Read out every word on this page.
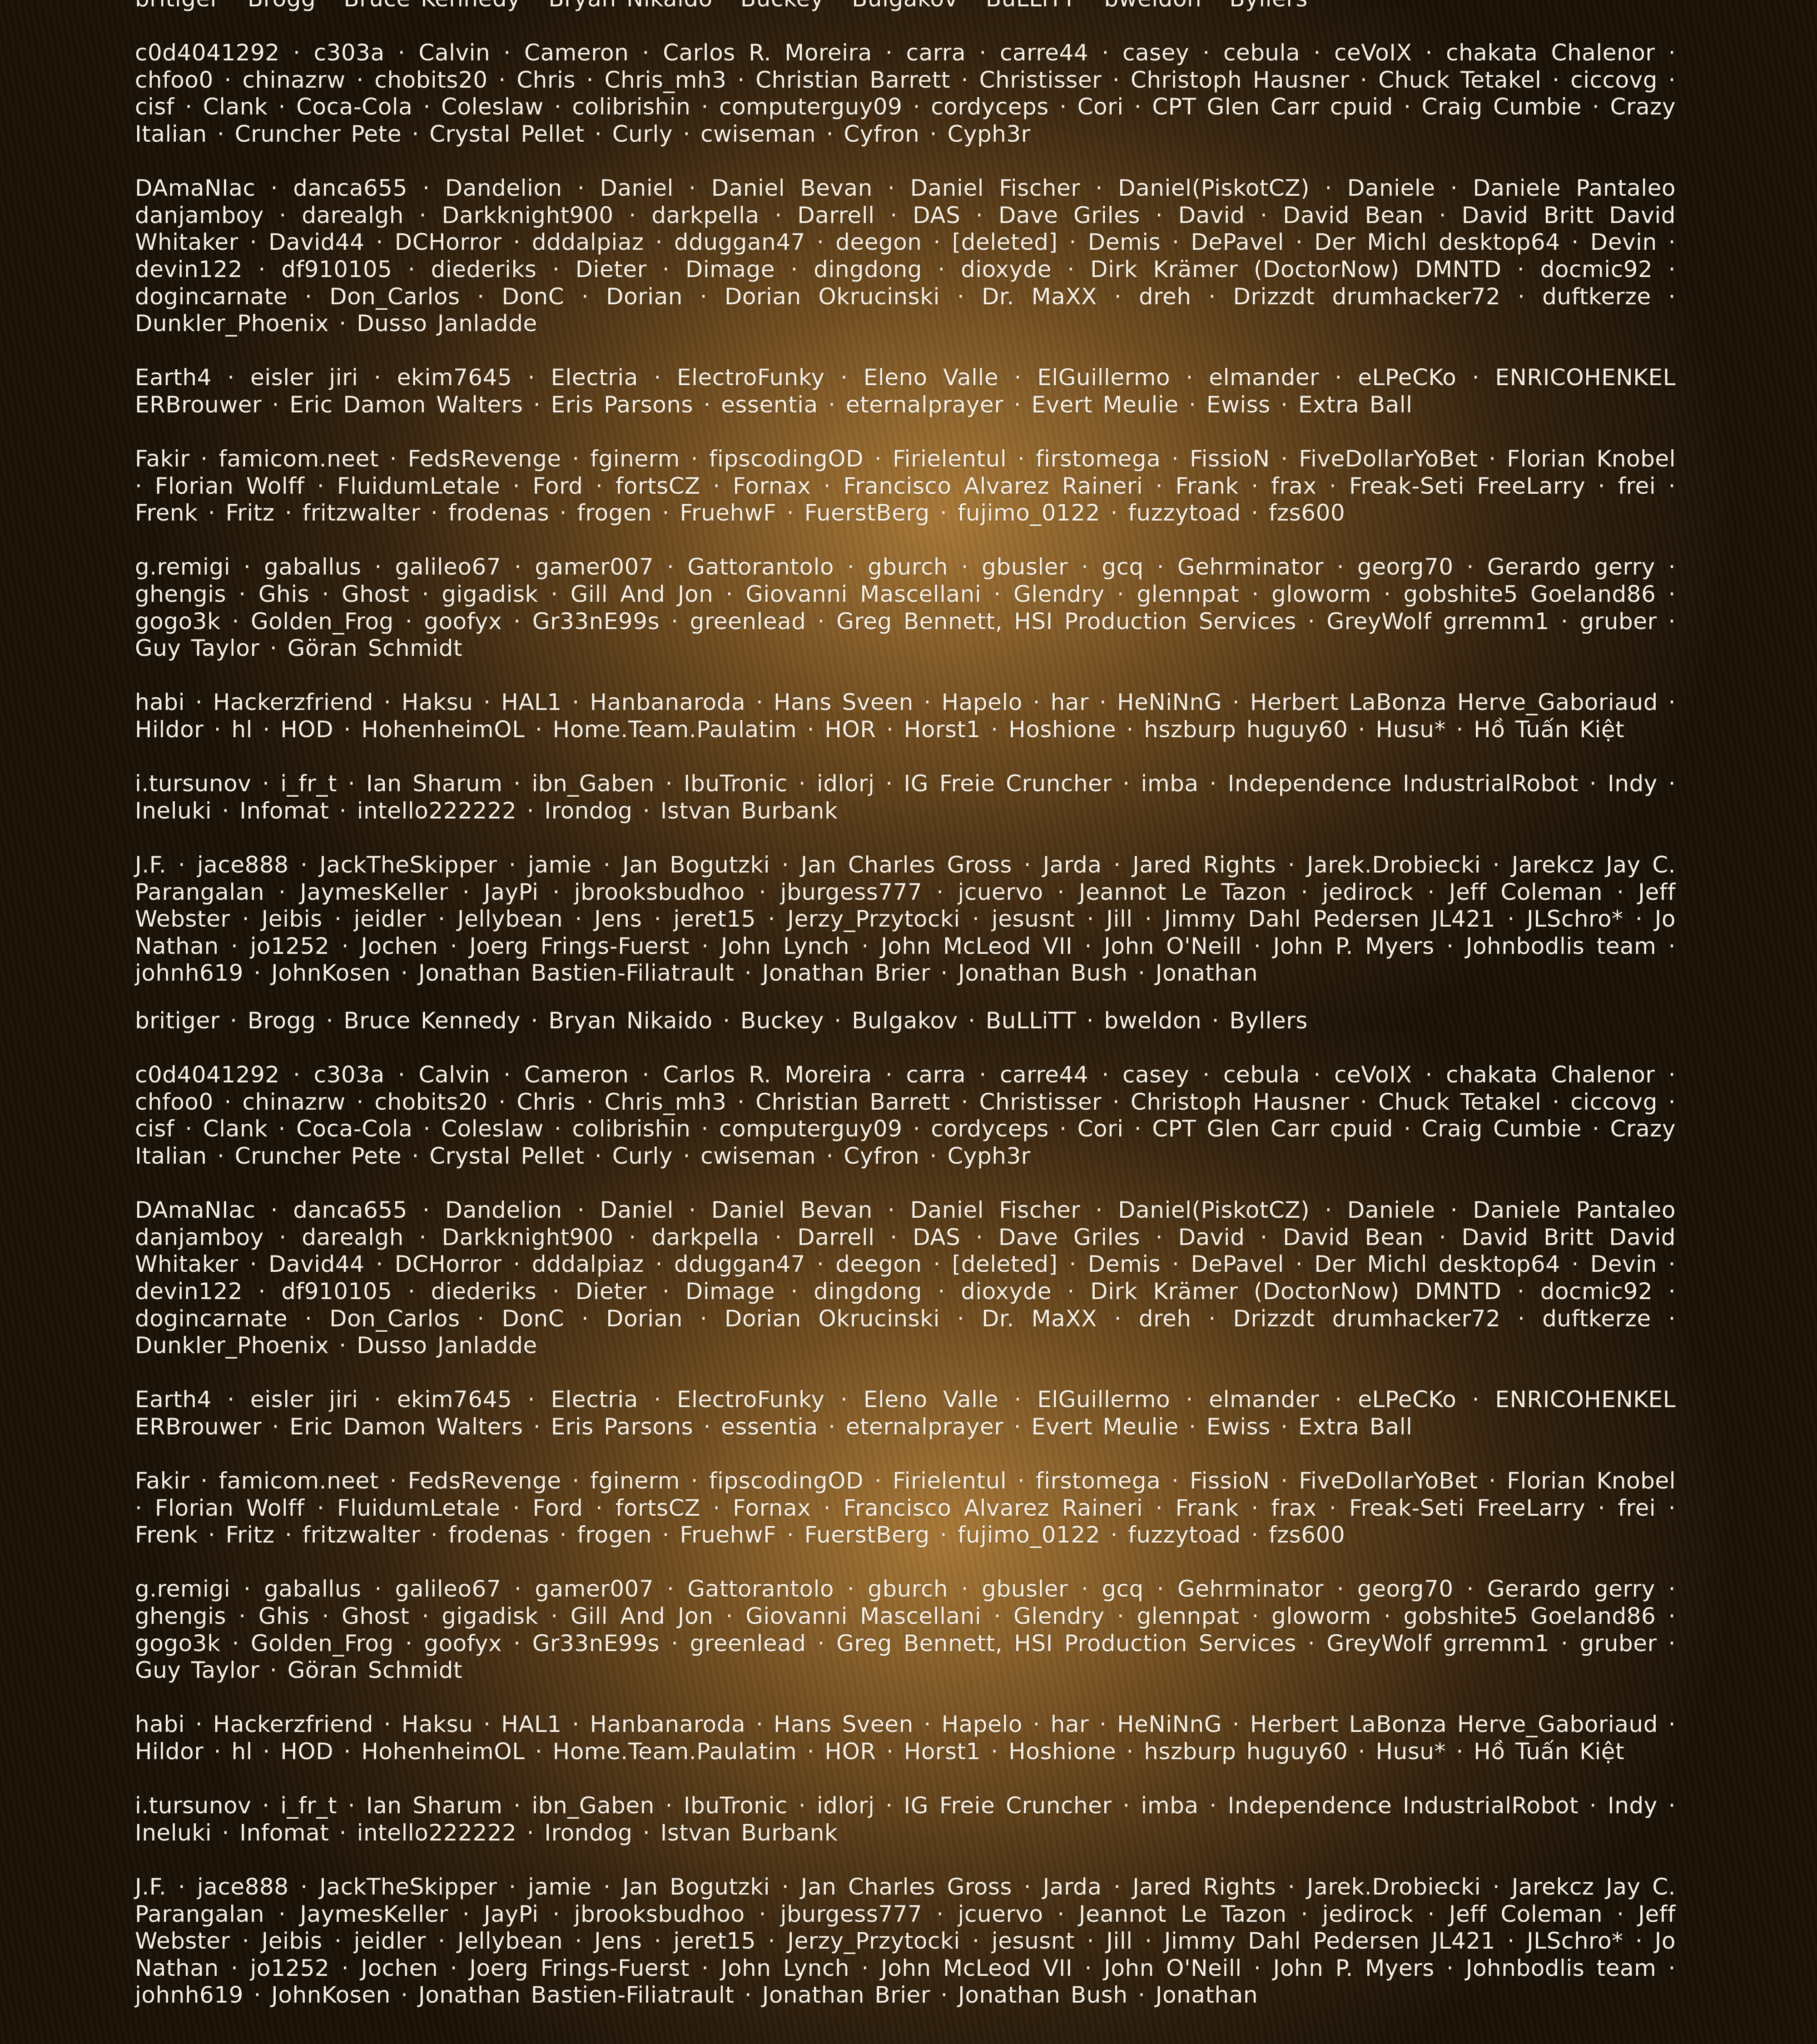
c0d4041292 · c303a · Calvin · Cameron · Carlos R. Moreira · carra · carre44 · casey · cebula · ceVoIX · chakata Chalenor · chfoo0 · chinazrw · chobits20 · Chris · Chris_mh3 · Christian Barrett · Christisser · Christoph Hausner · Chuck Tetakel · ciccovg · cisf · Clank · Coca-Cola · Coleslaw · colibrishin · computerguy09 · cordyceps · Cori · CPT Glen Carr cpuid · Craig Cumbie · Crazy Italian · Cruncher Pete · Crystal Pellet · Curly · cwiseman · Cyfron · Cyph3r

DAmaNIac · danca655 · Dandelion · Daniel · Daniel Bevan · Daniel Fischer · Daniel(PiskotCZ) · Daniele · Daniele Pantaleo danjamboy · darealgh · Darkknight900 · darkpella · Darrell · DAS · Dave Griles · David · David Bean · David Britt David Whitaker · David44 · DCHorror · dddalpiaz · dduggan47 · deegon · [deleted] · Demis · DePavel · Der Michl desktop64 · Devin · devin122 · df910105 · diederiks · Dieter · Dimage · dingdong · dioxyde · Dirk Krämer (DoctorNow) DMNTD · docmic92 · dogincarnate · Don_Carlos · DonC · Dorian · Dorian Okrucinski · Dr. MaXX · dreh · Drizzdt drumhacker72 · duftkerze · Dunkler_Phoenix · Dusso Janladde

Earth4 · eisler jiri · ekim7645 · Electria · ElectroFunky · Eleno Valle · ElGuillermo · elmander · eLPeCKo · ENRICOHENKEL ERBrouwer · Eric Damon Walters · Eris Parsons · essentia · eternalprayer · Evert Meulie · Ewiss · Extra Ball

Fakir · famicom.neet · FedsRevenge · fginerm · fipscodingOD · Firielentul · firstomega · FissioN · FiveDollarYoBet · Florian Knobel · Florian Wolff · FluidumLetale · Ford · fortsCZ · Fornax · Francisco Alvarez Raineri · Frank · frax · Freak-Seti FreeLarry · frei · Frenk · Fritz · fritzwalter · frodenas · frogen · FruehwF · FuerstBerg · fujimo_0122 · fuzzytoad · fzs600

g.remigi · gaballus · galileo67 · gamer007 · Gattorantolo · gburch · gbusler · gcq · Gehrminator · georg70 · Gerardo gerry · ghengis · Ghis · Ghost · gigadisk · Gill And Jon · Giovanni Mascellani · Glendry · glennpat · gloworm · gobshite5 Goeland86 · gogo3k · Golden_Frog · goofyx · Gr33nE99s · greenlead · Greg Bennett, HSI Production Services · GreyWolf grremm1 · gruber · Guy Taylor · Göran Schmidt

habi · Hackerzfriend · Haksu · HAL1 · Hanbanaroda · Hans Sveen · Hapelo · har · HeNiNnG · Herbert LaBonza Herve_Gaboriaud · Hildor · hl · HOD · HohenheimOL · Home.Team.Paulatim · HOR · Horst1 · Hoshione · hszburp huguy60 · Husu* · Hồ Tuấn Kiệt

i.tursunov · i_fr_t · Ian Sharum · ibn_Gaben · IbuTronic · idlorj · IG Freie Cruncher · imba · Independence IndustrialRobot · Indy · Ineluki · Infomat · intello222222 · Irondog · Istvan Burbank

J.F. · jace888 · JackTheSkipper · jamie · Jan Bogutzki · Jan Charles Gross · Jarda · Jared Rights · Jarek.Drobiecki · Jarekcz Jay C. Parangalan · JaymesKeller · JayPi · jbrooksbudhoo · jburgess777 · jcuervo · Jeannot Le Tazon · jedirock · Jeff Coleman · Jeff Webster · Jeibis · jeidler · Jellybean · Jens · jeret15 · Jerzy_Przytocki · jesusnt · Jill · Jimmy Dahl Pedersen JL421 · JLSchro* · Jo Nathan · jo1252 · Jochen · Joerg Frings-Fuerst · John Lynch · John McLeod VII · John O'Neill · John P. Myers · Johnbodlis team · johnh619 · JohnKosen · Jonathan Bastien-Filiatrault · Jonathan Brier · Jonathan Bush · Jonathan

britiger · Brogg · Bruce Kennedy · Bryan Nikaido · Buckey · Bulgakov · BuLLiTT · bweldon · Byllers

c0d4041292 · c303a · Calvin · Cameron · Carlos R. Moreira · carra · carre44 · casey · cebula · ceVoIX · chakata Chalenor · chfoo0 · chinazrw · chobits20 · Chris · Chris_mh3 · Christian Barrett · Christisser · Christoph Hausner · Chuck Tetakel · ciccovg · cisf · Clank · Coca-Cola · Coleslaw · colibrishin · computerguy09 · cordyceps · Cori · CPT Glen Carr cpuid · Craig Cumbie · Crazy Italian · Cruncher Pete · Crystal Pellet · Curly · cwiseman · Cyfron · Cyph3r

DAmaNIac · danca655 · Dandelion · Daniel · Daniel Bevan · Daniel Fischer · Daniel(PiskotCZ) · Daniele · Daniele Pantaleo danjamboy · darealgh · Darkknight900 · darkpella · Darrell · DAS · Dave Griles · David · David Bean · David Britt David Whitaker · David44 · DCHorror · dddalpiaz · dduggan47 · deegon · [deleted] · Demis · DePavel · Der Michl desktop64 · Devin · devin122 · df910105 · diederiks · Dieter · Dimage · dingdong · dioxyde · Dirk Krämer (DoctorNow) DMNTD · docmic92 · dogincarnate · Don_Carlos · DonC · Dorian · Dorian Okrucinski · Dr. MaXX · dreh · Drizzdt drumhacker72 · duftkerze · Dunkler_Phoenix · Dusso Janladde

Earth4 · eisler jiri · ekim7645 · Electria · ElectroFunky · Eleno Valle · ElGuillermo · elmander · eLPeCKo · ENRICOHENKEL ERBrouwer · Eric Damon Walters · Eris Parsons · essentia · eternalprayer · Evert Meulie · Ewiss · Extra Ball

Fakir · famicom.neet · FedsRevenge · fginerm · fipscodingOD · Firielentul · firstomega · FissioN · FiveDollarYoBet · Florian Knobel · Florian Wolff · FluidumLetale · Ford · fortsCZ · Fornax · Francisco Alvarez Raineri · Frank · frax · Freak-Seti FreeLarry · frei · Frenk · Fritz · fritzwalter · frodenas · frogen · FruehwF · FuerstBerg · fujimo_0122 · fuzzytoad · fzs600

g.remigi · gaballus · galileo67 · gamer007 · Gattorantolo · gburch · gbusler · gcq · Gehrminator · georg70 · Gerardo gerry · ghengis · Ghis · Ghost · gigadisk · Gill And Jon · Giovanni Mascellani · Glendry · glennpat · gloworm · gobshite5 Goeland86 · gogo3k · Golden_Frog · goofyx · Gr33nE99s · greenlead · Greg Bennett, HSI Production Services · GreyWolf grremm1 · gruber · Guy Taylor · Göran Schmidt

habi · Hackerzfriend · Haksu · HAL1 · Hanbanaroda · Hans Sveen · Hapelo · har · HeNiNnG · Herbert LaBonza Herve_Gaboriaud · Hildor · hl · HOD · HohenheimOL · Home.Team.Paulatim · HOR · Horst1 · Hoshione · hszburp huguy60 · Husu* · Hồ Tuấn Kiệt

i.tursunov · i_fr_t · Ian Sharum · ibn_Gaben · IbuTronic · idlorj · IG Freie Cruncher · imba · Independence IndustrialRobot · Indy · Ineluki · Infomat · intello222222 · Irondog · Istvan Burbank

J.F. · jace888 · JackTheSkipper · jamie · Jan Bogutzki · Jan Charles Gross · Jarda · Jared Rights · Jarek.Drobiecki · Jarekcz Jay C. Parangalan · JaymesKeller · JayPi · jbrooksbudhoo · jburgess777 · jcuervo · Jeannot Le Tazon · jedirock · Jeff Coleman · Jeff Webster · Jeibis · jeidler · Jellybean · Jens · jeret15 · Jerzy_Przytocki · jesusnt · Jill · Jimmy Dahl Pedersen JL421 · JLSchro* · Jo Nathan · jo1252 · Jochen · Joerg Frings-Fuerst · John Lynch · John McLeod VII · John O'Neill · John P. Myers · Johnbodlis team · johnh619 · JohnKosen · Jonathan Bastien-Filiatrault · Jonathan Brier · Jonathan Bush · Jonathan
